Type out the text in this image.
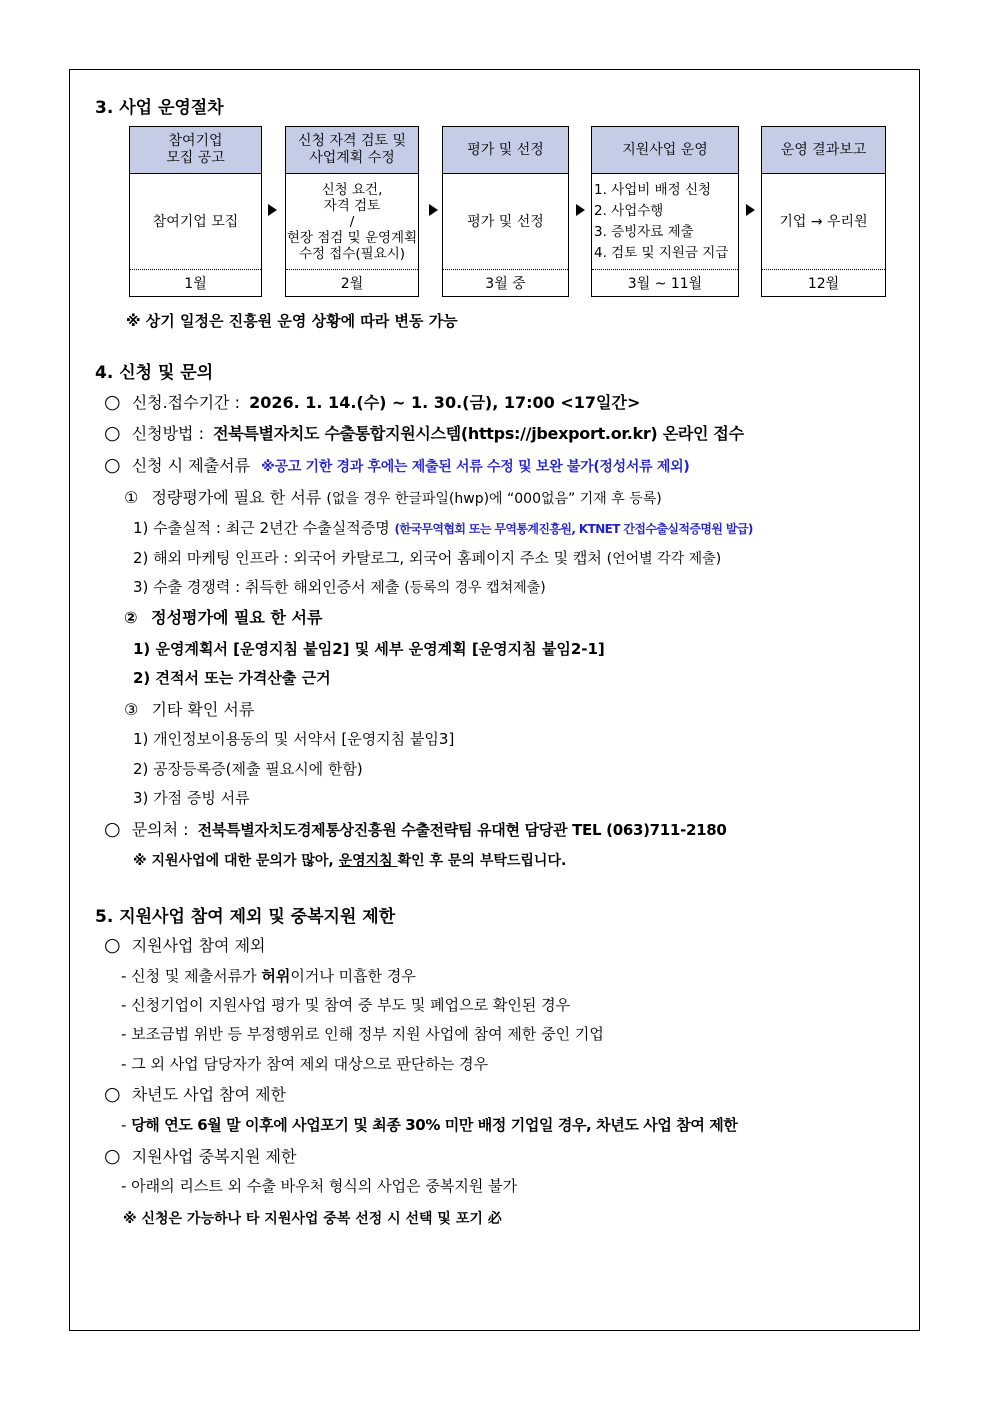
3. 사업 운영절차
참여기업
모집 공고
참여기업 모집
1월
신청 자격 검토 및
사업계획 수정
신청 요건,
자격 검토
/
현장 점검 및 운영계획
수정 접수(필요시)
2월
평가 및 선정
평가 및 선정
3월 중
지원사업 운영
1. 사업비 배정 신청
2. 사업수행
3. 증빙자료 제출
4. 검토 및 지원금 지급
3월 ~ 11월
운영 결과보고
기업 → 우리원
12월
※ 상기 일정은 진흥원 운영 상황에 따라 변동 가능
4. 신청 및 문의
○ 신청.접수기간 : 2026. 1. 14.(수) ~ 1. 30.(금), 17:00 <17일간>
○ 신청방법 : 전북특별자치도 수출통합지원시스템(https://jbexport.or.kr) 온라인 접수
○ 신청 시 제출서류 ※공고 기한 경과 후에는 제출된 서류 수정 및 보완 불가(정성서류 제외)
① 정량평가에 필요 한 서류 (없을 경우 한글파일(hwp)에 “000없음” 기재 후 등록)
1) 수출실적 : 최근 2년간 수출실적증명 (한국무역협회 또는 무역통계진흥원, KTNET 간접수출실적증명원 발급)
2) 해외 마케팅 인프라 : 외국어 카탈로그, 외국어 홈페이지 주소 및 캡처 (언어별 각각 제출)
3) 수출 경쟁력 : 취득한 해외인증서 제출 (등록의 경우 캡쳐제출)
② 정성평가에 필요 한 서류
1) 운영계획서 [운영지침 붙임2] 및 세부 운영계획 [운영지침 붙임2-1]
2) 견적서 또는 가격산출 근거
③ 기타 확인 서류
1) 개인정보이용동의 및 서약서 [운영지침 붙임3]
2) 공장등록증(제출 필요시에 한함)
3) 가점 증빙 서류
○ 문의처 : 전북특별자치도경제통상진흥원 수출전략팀 유대현 담당관 TEL (063)711-2180
※ 지원사업에 대한 문의가 많아, 운영지침 확인 후 문의 부탁드립니다.
5. 지원사업 참여 제외 및 중복지원 제한
○ 지원사업 참여 제외
- 신청 및 제출서류가 허위이거나 미흡한 경우
- 신청기업이 지원사업 평가 및 참여 중 부도 및 폐업으로 확인된 경우
- 보조금법 위반 등 부정행위로 인해 정부 지원 사업에 참여 제한 중인 기업
- 그 외 사업 담당자가 참여 제외 대상으로 판단하는 경우
○ 차년도 사업 참여 제한
- 당해 연도 6월 말 이후에 사업포기 및 최종 30% 미만 배정 기업일 경우, 차년도 사업 참여 제한
○ 지원사업 중복지원 제한
- 아래의 리스트 외 수출 바우처 형식의 사업은 중복지원 불가
※ 신청은 가능하나 타 지원사업 중복 선정 시 선택 및 포기 必
